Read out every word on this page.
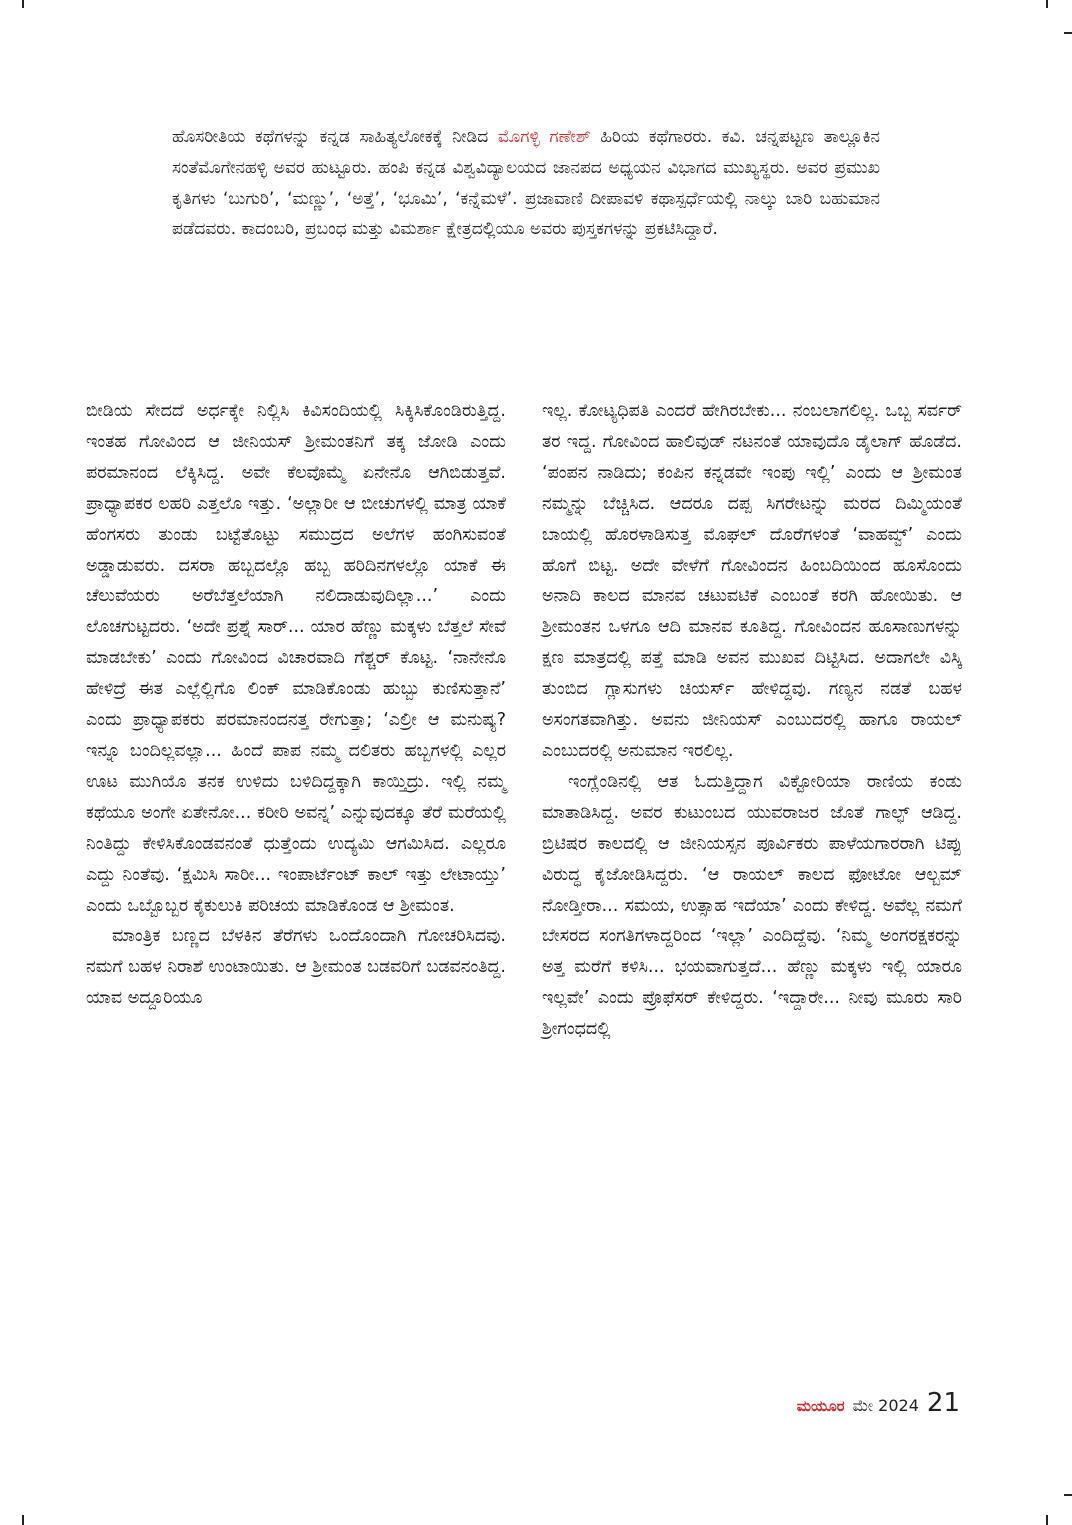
ಹೊಸರೀತಿಯ ಕಥೆಗಳನ್ನು ಕನ್ನಡ ಸಾಹಿತ್ಯಲೋಕಕ್ಕೆ ನೀಡಿದ ಮೊಗಳ್ಳಿ ಗಣೇಶ್ ಹಿರಿಯ ಕಥೆಗಾರರು. ಕವಿ. ಚನ್ನಪಟ್ಟಣ ತಾಲ್ಲೂಕಿನ ಸಂತೆಮೊಗೇನಹಳ್ಳಿ ಅವರ ಹುಟ್ಟೂರು. ಹಂಪಿ ಕನ್ನಡ ವಿಶ್ವವಿದ್ಯಾಲಯದ ಜಾನಪದ ಅಧ್ಯಯನ ವಿಭಾಗದ ಮುಖ್ಯಸ್ಥರು. ಅವರ ಪ್ರಮುಖ ಕೃತಿಗಳು ‘ಬುಗುರಿ’, ‘ಮಣ್ಣು’, ‘ಅತ್ತೆ’, ‘ಭೂಮಿ’, ‘ಕನ್ನೆಮಳೆ’. ಪ್ರಜಾವಾಣಿ ದೀಪಾವಳಿ ಕಥಾಸ್ಪರ್ಧೆಯಲ್ಲಿ ನಾಲ್ಕು ಬಾರಿ ಬಹುಮಾನ ಪಡೆದವರು. ಕಾದಂಬರಿ, ಪ್ರಬಂಧ ಮತ್ತು ವಿಮರ್ಶಾ ಕ್ಷೇತ್ರದಲ್ಲಿಯೂ ಅವರು ಪುಸ್ತಕಗಳನ್ನು ಪ್ರಕಟಿಸಿದ್ದಾರೆ.

ಬೀಡಿಯ ಸೇದದೆ ಅರ್ಧಕ್ಕೇ ನಿಲ್ಲಿಸಿ ಕಿವಿಸಂದಿಯಲ್ಲಿ ಸಿಕ್ಕಿಸಿಕೊಂಡಿರುತ್ತಿದ್ದ. ಇಂತಹ ಗೋವಿಂದ ಆ ಜೀನಿಯಸ್ ಶ್ರೀಮಂತನಿಗೆ ತಕ್ಕ ಜೋಡಿ ಎಂದು ಪರಮಾನಂದ ಲೆಕ್ಕಿಸಿದ್ದ. ಅವೇ ಕೆಲವೊಮ್ಮೆ ಏನೇನೊ ಆಗಿಬಿಡುತ್ತವೆ. ಪ್ರಾಧ್ಯಾಪಕರ ಲಹರಿ ಎತ್ತಲೊ ಇತ್ತು. ‘ಅಲ್ಲಾರೀ ಆ ಬೀಚುಗಳಲ್ಲಿ ಮಾತ್ರ ಯಾಕೆ ಹೆಂಗಸರು ತುಂಡು ಬಟ್ಟೆತೊಟ್ಟು ಸಮುದ್ರದ ಅಲೆಗಳ ಹಂಗಿಸುವಂತೆ ಅಡ್ಡಾಡುವರು. ದಸರಾ ಹಬ್ಬದಲ್ಲೊ ಹಬ್ಬ ಹರಿದಿನಗಳಲ್ಲೊ ಯಾಕೆ ಈ ಚೆಲುವೆಯರು ಅರೆಬೆತ್ತಲೆಯಾಗಿ ನಲಿದಾಡುವುದಿಲ್ಲಾ...’ ಎಂದು ಲೊಚಗುಟ್ಟದರು. ‘ಅದೇ ಪ್ರಶ್ನೆ ಸಾರ್... ಯಾರ ಹೆಣ್ಣು ಮಕ್ಕಳು ಬೆತ್ತಲೆ ಸೇವೆ ಮಾಡಬೇಕು’ ಎಂದು ಗೋವಿಂದ ವಿಚಾರವಾದಿ ಗೆಶ್ಚರ್ ಕೊಟ್ಟ. ‘ನಾನೇನೊ ಹೇಳಿದ್ರೆ ಈತ ಎಲ್ಲೆಲ್ಲಿಗೊ ಲಿಂಕ್ ಮಾಡಿಕೊಂಡು ಹುಬ್ಬು ಕುಣಿಸುತ್ತಾನೆ’ ಎಂದು ಪ್ರಾಧ್ಯಾಪಕರು ಪರಮಾನಂದನತ್ತ ರೇಗುತ್ತಾ; ‘ಎಲ್ರೀ ಆ ಮನುಷ್ಯ? ಇನ್ನೂ ಬಂದಿಲ್ಲವಲ್ಲಾ... ಹಿಂದೆ ಪಾಪ ನಮ್ಮ ದಲಿತರು ಹಬ್ಬಗಳಲ್ಲಿ ಎಲ್ಲರ ಊಟ ಮುಗಿಯೊ ತನಕ ಉಳಿದು ಬಳಿದಿದ್ದಕ್ಕಾಗಿ ಕಾಯ್ತಿದ್ರು. ಇಲ್ಲಿ ನಮ್ಮ ಕಥೆಯೂ ಅಂಗೇ ಏತೇನೋ... ಕರೀರಿ ಅವನ್ನ’ ಎನ್ನುವುದಕ್ಕೂ ತೆರೆ ಮರೆಯಲ್ಲಿ ನಿಂತಿದ್ದು ಕೇಳಿಸಿಕೊಂಡವನಂತೆ ಧುತ್ತೆಂದು ಉದ್ಯಮಿ ಆಗಮಿಸಿದ. ಎಲ್ಲರೂ ಎದ್ದು ನಿಂತೆವು. ‘ಕ್ಷಮಿಸಿ ಸಾರೀ... ಇಂಪಾರ್ಟೆಂಟ್ ಕಾಲ್ ಇತ್ತು ಲೇಟಾಯ್ತು’ ಎಂದು ಒಬ್ಬೊಬ್ಬರ ಕೈಕುಲುಕಿ ಪರಿಚಯ ಮಾಡಿಕೊಂಡ ಆ ಶ್ರೀಮಂತ.

ಮಾಂತ್ರಿಕ ಬಣ್ಣದ ಬೆಳಕಿನ ತೆರೆಗಳು ಒಂದೊಂದಾಗಿ ಗೋಚರಿಸಿದವು. ನಮಗೆ ಬಹಳ ನಿರಾಶೆ ಉಂಟಾಯಿತು. ಆ ಶ್ರೀಮಂತ ಬಡವರಿಗೆ ಬಡವನಂತಿದ್ದ. ಯಾವ ಅದ್ದೂರಿಯೂ

ಇಲ್ಲ. ಕೋಟ್ಯಧಿಪತಿ ಎಂದರೆ ಹೇಗಿರಬೇಕು... ನಂಬಲಾಗಲಿಲ್ಲ. ಒಬ್ಬ ಸರ್ವರ್ ತರ ಇದ್ದ. ಗೋವಿಂದ ಹಾಲಿವುಡ್ ನಟನಂತೆ ಯಾವುದೊ ಡೈಲಾಗ್ ಹೊಡೆದ. ‘ಪಂಪನ ನಾಡಿದು; ಕಂಪಿನ ಕನ್ನಡವೇ ಇಂಪು ಇಲ್ಲಿ’ ಎಂದು ಆ ಶ್ರೀಮಂತ ನಮ್ಮನ್ನು ಬೆಚ್ಚಿಸಿದ. ಆದರೂ ದಪ್ಪ ಸಿಗರೇಟನ್ನು ಮರದ ದಿಮ್ಮಿಯಂತೆ ಬಾಯಲ್ಲಿ ಹೊರಳಾಡಿಸುತ್ತ ಮೊಘಲ್ ದೊರೆಗಳಂತೆ ‘ವಾಹವ್ವ್’ ಎಂದು ಹೊಗೆ ಬಿಟ್ಟ. ಅದೇ ವೇಳೆಗೆ ಗೋವಿಂದನ ಹಿಂಬದಿಯಿಂದ ಹೂಸೊಂದು ಅನಾದಿ ಕಾಲದ ಮಾನವ ಚಟುವಟಿಕೆ ಎಂಬಂತೆ ಕರಗಿ ಹೋಯಿತು. ಆ ಶ್ರೀಮಂತನ ಒಳಗೂ ಆದಿ ಮಾನವ ಕೂತಿದ್ದ. ಗೋವಿಂದನ ಹೂಸಾಣುಗಳನ್ನು ಕ್ಷಣ ಮಾತ್ರದಲ್ಲಿ ಪತ್ತೆ ಮಾಡಿ ಅವನ ಮುಖವ ದಿಟ್ಟಿಸಿದ. ಅದಾಗಲೇ ವಿಸ್ಕಿ ತುಂಬಿದ ಗ್ಲಾಸುಗಳು ಚಿಯರ್ಸ್ ಹೇಳಿದ್ದವು. ಗಣ್ಯನ ನಡತೆ ಬಹಳ ಅಸಂಗತವಾಗಿತ್ತು. ಅವನು ಜೀನಿಯಸ್ ಎಂಬುದರಲ್ಲಿ ಹಾಗೂ ರಾಯಲ್ ಎಂಬುದರಲ್ಲಿ ಅನುಮಾನ ಇರಲಿಲ್ಲ.

ಇಂಗ್ಲೆಂಡಿನಲ್ಲಿ ಆತ ಓದುತ್ತಿದ್ದಾಗ ವಿಕ್ಟೋರಿಯಾ ರಾಣಿಯ ಕಂಡು ಮಾತಾಡಿಸಿದ್ದ. ಅವರ ಕುಟುಂಬದ ಯುವರಾಜರ ಜೊತೆ ಗಾಲ್ಫ್ ಆಡಿದ್ದ. ಬ್ರಿಟಿಷರ ಕಾಲದಲ್ಲಿ ಆ ಜೀನಿಯಸ್ಸನ ಪೂರ್ವಿಕರು ಪಾಳೆಯಗಾರರಾಗಿ ಟಿಪ್ಪು ವಿರುದ್ಧ ಕೈಜೋಡಿಸಿದ್ದರು. ‘ಆ ರಾಯಲ್ ಕಾಲದ ಫೋಟೋ ಆಲ್ಬಮ್ ನೋಡ್ತೀರಾ... ಸಮಯ, ಉತ್ಸಾಹ ಇದೆಯಾ’ ಎಂದು ಕೇಳಿದ್ದ. ಅವೆಲ್ಲ ನಮಗೆ ಬೇಸರದ ಸಂಗತಿಗಳಾದ್ದರಿಂದ ‘ಇಲ್ಲಾ’ ಎಂದಿದ್ದೆವು. ‘ನಿಮ್ಮ ಅಂಗರಕ್ಷಕರನ್ನು ಅತ್ತ ಮರೆಗೆ ಕಳಿಸಿ... ಭಯವಾಗುತ್ತದೆ... ಹೆಣ್ಣು ಮಕ್ಕಳು ಇಲ್ಲಿ ಯಾರೂ ಇಲ್ಲವೇ’ ಎಂದು ಪ್ರೊಫೆಸರ್ ಕೇಳಿದ್ದರು. ‘ಇದ್ದಾರೇ... ನೀವು ಮೂರು ಸಾರಿ ಶ್ರೀಗಂಧದಲ್ಲಿ

ಮಯೂರ ಮೇ 2024 21
